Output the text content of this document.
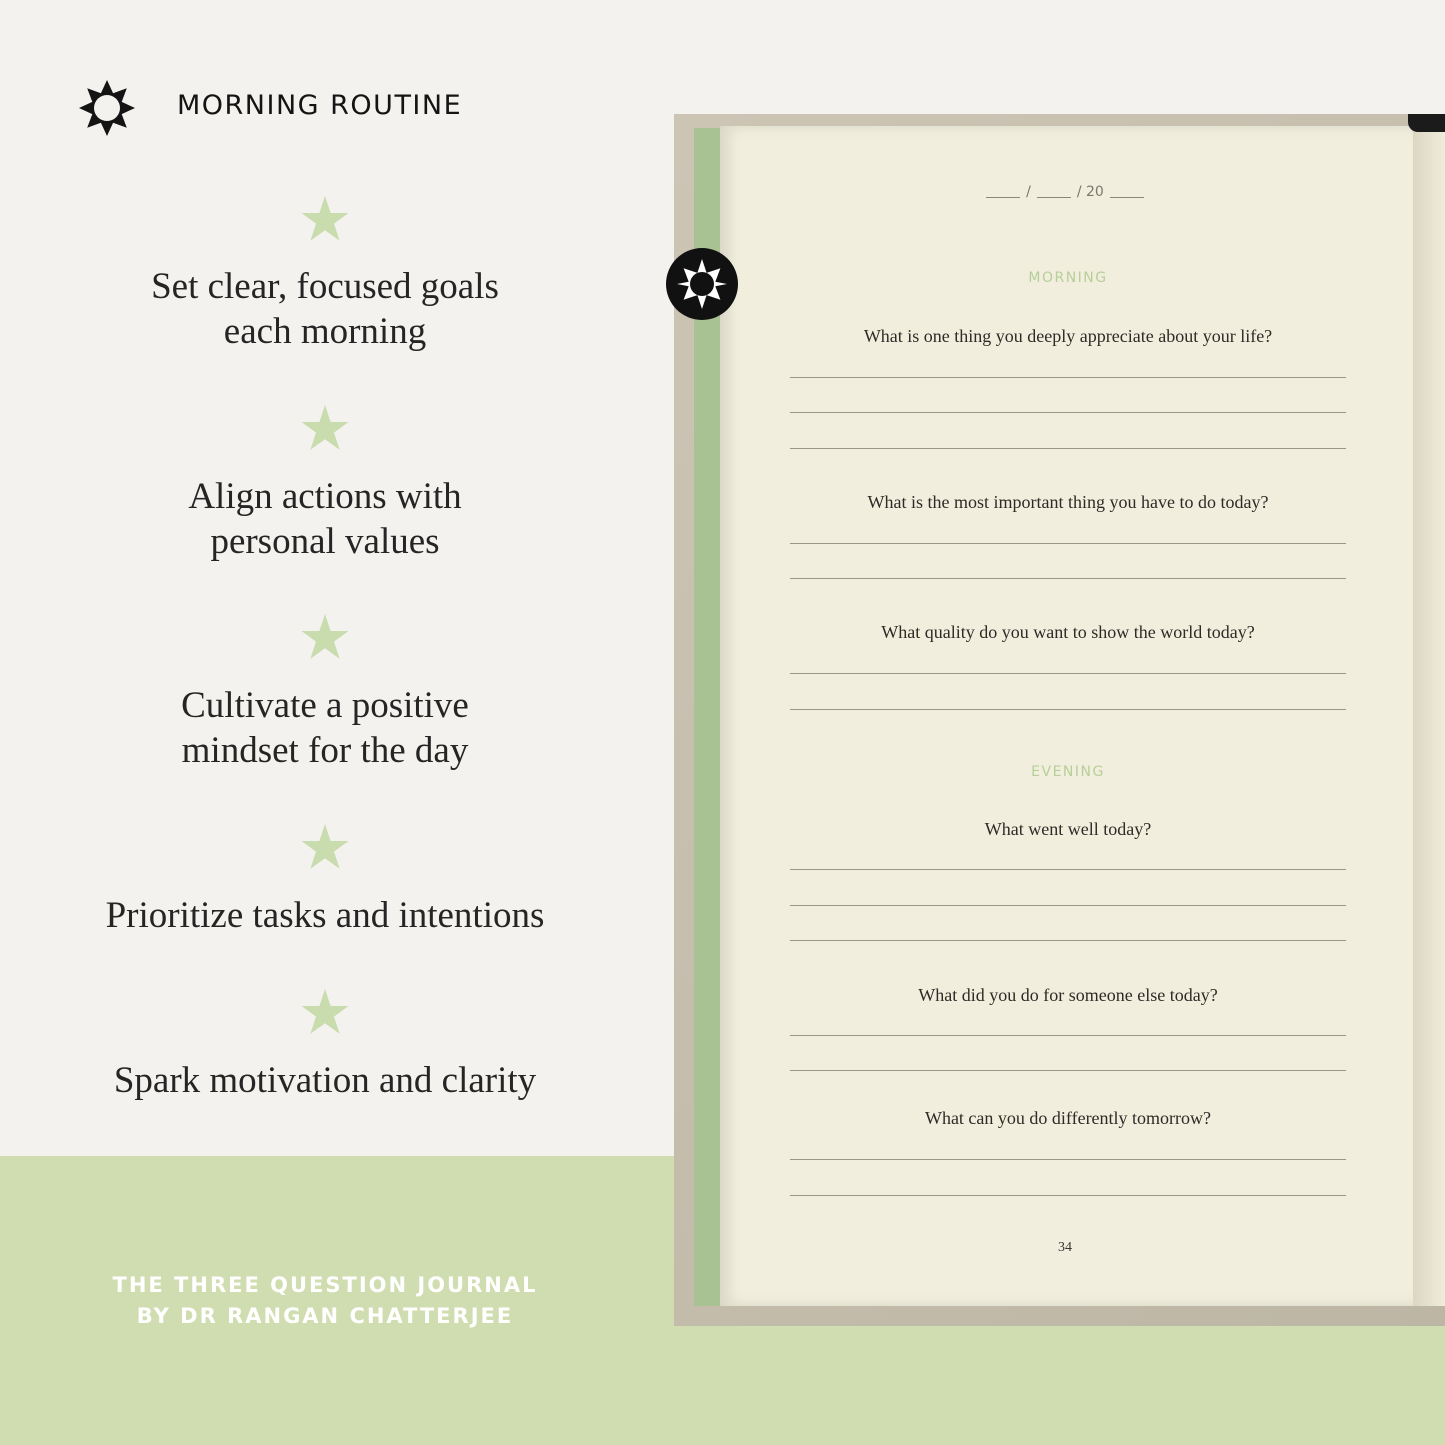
MORNING ROUTINE
Set clear, focused goals
each morning
Align actions with
personal values
Cultivate a positive
mindset for the day
Prioritize tasks and intentions
Spark motivation and clarity
THE THREE QUESTION JOURNAL
BY DR RANGAN CHATTERJEE
/	/ 20
MORNING
What is one thing you deeply appreciate about your life?
What is the most important thing you have to do today?
What quality do you want to show the world today?
EVENING
What went well today?
What did you do for someone else today?
What can you do differently tomorrow?
34
